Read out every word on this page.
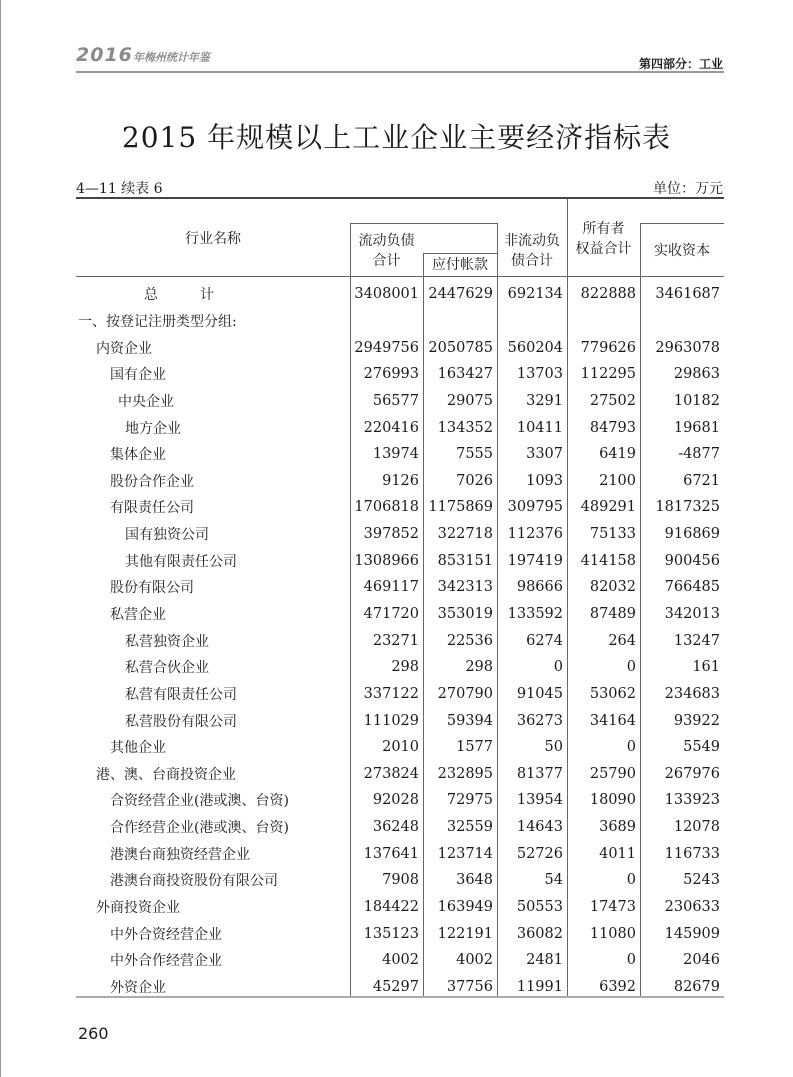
2016年梅州统计年鉴	第四部分：工业
2015 年规模以上工业企业主要经济指标表
4—11 续表 6	单位：万元
行业名称	流动负债
合计	应付帐款
非流动负
债合计
所有者
权益合计	实收资本
总　　　计	3408001 2447629	692134	822888	3461687
一、按登记注册类型分组:
内资企业	2949756 2050785	560204	779626	2963078
国有企业	276993	163427	13703	112295	29863
中央企业	56577	29075	3291	27502	10182
地方企业	220416	134352	10411	84793	19681
集体企业	13974	7555	3307	6419	-4877
股份合作企业	9126	7026	1093	2100	6721
有限责任公司	1706818 1175869	309795	489291	1817325
国有独资公司	397852	322718	112376	75133	916869
其他有限责任公司	1308966	853151	197419	414158	900456
股份有限公司	469117	342313	98666	82032	766485
私营企业	471720	353019	133592	87489	342013
私营独资企业	23271	22536	6274	264	13247
私营合伙企业	298	298	0	0	161
私营有限责任公司	337122	270790	91045	53062	234683
私营股份有限公司	111029	59394	36273	34164	93922
其他企业	2010	1577	50	0	5549
港、澳、台商投资企业	273824	232895	81377	25790	267976
合资经营企业(港或澳、台资)	92028	72975	13954	18090	133923
合作经营企业(港或澳、台资)	36248	32559	14643	3689	12078
港澳台商独资经营企业	137641	123714	52726	4011	116733
港澳台商投资股份有限公司	7908	3648	54	0	5243
外商投资企业	184422	163949	50553	17473	230633
中外合资经营企业	135123	122191	36082	11080	145909
中外合作经营企业	4002	4002	2481	0	2046
外资企业	45297	37756	11991	6392	82679
260
